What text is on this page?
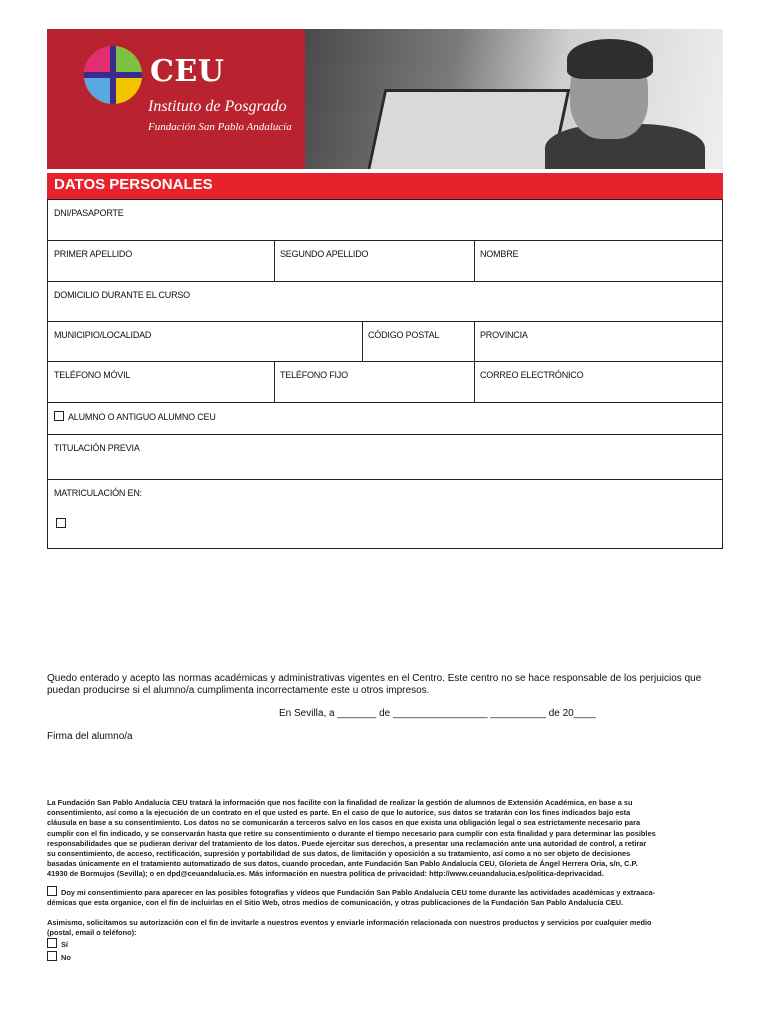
CEU
Instituto de Posgrado
Fundación San Pablo Andalucía
DATOS PERSONALES
DNI/PASAPORTE
PRIMER APELLIDO	SEGUNDO APELLIDO	NOMBRE
DOMICILIO DURANTE EL CURSO
MUNICIPIO/LOCALIDAD	CÓDIGO POSTAL	PROVINCIA
TELÉFONO MÓVIL	TELÉFONO FIJO	CORREO ELECTRÓNICO
ALUMNO O ANTIGUO ALUMNO CEU
TITULACIÓN PREVIA
MATRICULACIÓN EN:
Quedo enterado y acepto las normas académicas y administrativas vigentes en el Centro. Este centro no se hace responsable de los perjuicios que
puedan producirse si el alumno/a cumplimenta incorrectamente este u otros impresos.
En Sevilla, a _______ de _________________ __________ de 20____
Firma del alumno/a
La Fundación San Pablo Andalucía CEU tratará la información que nos facilite con la finalidad de realizar la gestión de alumnos de Extensión Académica, en base a su
consentimiento, así como a la ejecución de un contrato en el que usted es parte. En el caso de que lo autorice, sus datos se tratarán con los fines indicados bajo esta
cláusula en base a su consentimiento. Los datos no se comunicarán a terceros salvo en los casos en que exista una obligación legal o sea estrictamente necesario para
cumplir con el fin indicado, y se conservarán hasta que retire su consentimiento o durante el tiempo necesario para cumplir con esta finalidad y para determinar las posibles
responsabilidades que se pudieran derivar del tratamiento de los datos. Puede ejercitar sus derechos, a presentar una reclamación ante una autoridad de control, a retirar
su consentimiento, de acceso, rectificación, supresión y portabilidad de sus datos, de limitación y oposición a su tratamiento, así como a no ser objeto de decisiones
basadas únicamente en el tratamiento automatizado de sus datos, cuando procedan, ante Fundación San Pablo Andalucía CEU, Glorieta de Ángel Herrera Oria, s/n, C.P.
41930 de Bormujos (Sevilla); o en dpd@ceuandalucia.es. Más información en nuestra política de privacidad: http://www.ceuandalucia.es/politica-deprivacidad.
Doy mi consentimiento para aparecer en las posibles fotografías y vídeos que Fundación San Pablo Andalucía CEU tome durante las actividades académicas y extraaca-
démicas que esta organice, con el fin de incluirlas en el Sitio Web, otros medios de comunicación, y otras publicaciones de la Fundación San Pablo Andalucía CEU.
Asimismo, solicitamos su autorización con el fin de invitarle a nuestros eventos y enviarle información relacionada con nuestros productos y servicios por cualquier medio
(postal, email o teléfono):
Sí
No
